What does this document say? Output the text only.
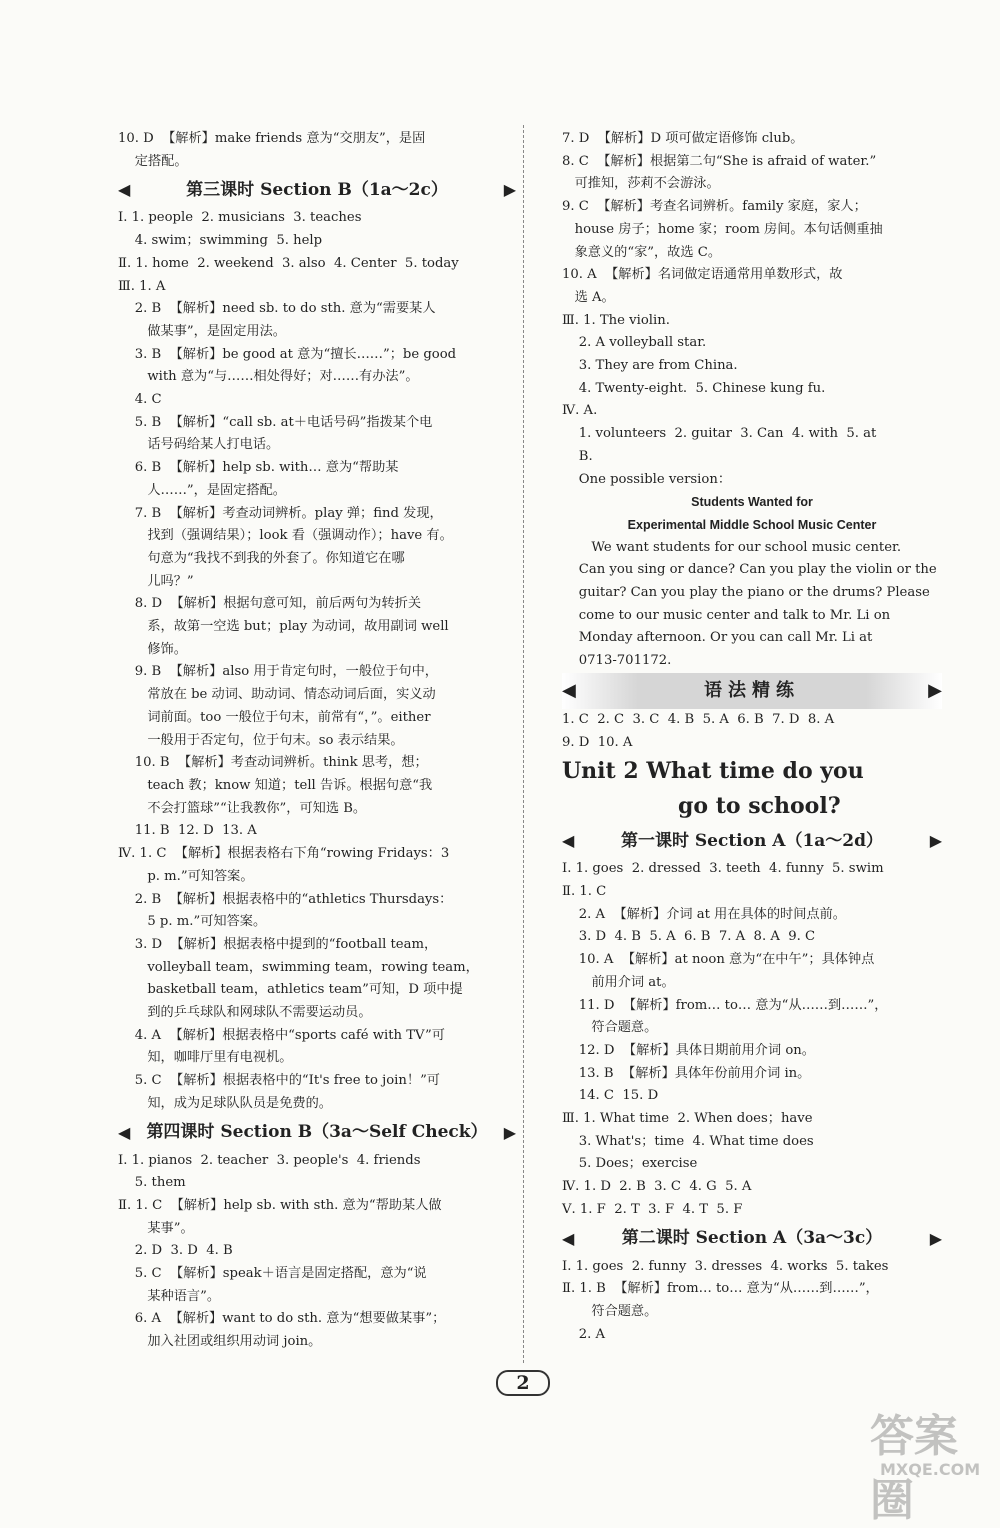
10. D  【解析】make friends 意为“交朋友”，是固
定搭配。
◀	第三课时 Section B（1a～2c）	▶
Ⅰ. 1. people  2. musicians  3. teaches
4. swim；swimming  5. help
Ⅱ. 1. home  2. weekend  3. also  4. Center  5. today
Ⅲ. 1. A
2. B  【解析】need sb. to do sth. 意为“需要某人
做某事”，是固定用法。
3. B  【解析】be good at 意为“擅长……”；be good
with 意为“与……相处得好；对……有办法”。
4. C
5. B  【解析】“call sb. at＋电话号码”指拨某个电
话号码给某人打电话。
6. B  【解析】help sb. with… 意为“帮助某
人……”，是固定搭配。
7. B  【解析】考查动词辨析。play 弹；find 发现，
找到（强调结果）；look 看（强调动作）；have 有。
句意为“我找不到我的外套了。你知道它在哪
儿吗？”
8. D  【解析】根据句意可知，前后两句为转折关
系，故第一空选 but；play 为动词，故用副词 well
修饰。
9. B  【解析】also 用于肯定句时，一般位于句中，
常放在 be 动词、助动词、情态动词后面，实义动
词前面。too 一般位于句末，前常有“，”。either
一般用于否定句，位于句末。so 表示结果。
10. B  【解析】考查动词辨析。think 思考，想；
teach 教；know 知道；tell 告诉。根据句意“我
不会打篮球”“让我教你”，可知选 B。
11. B  12. D  13. A
Ⅳ. 1. C  【解析】根据表格右下角“rowing Fridays：3
p. m.”可知答案。
2. B  【解析】根据表格中的“athletics Thursdays：
5 p. m.”可知答案。
3. D  【解析】根据表格中提到的“football team，
volleyball team，swimming team，rowing team，
basketball team，athletics team”可知，D 项中提
到的乒乓球队和网球队不需要运动员。
4. A  【解析】根据表格中“sports café with TV”可
知，咖啡厅里有电视机。
5. C  【解析】根据表格中的“It's free to join！”可
知，成为足球队队员是免费的。
◀ 第四课时 Section B（3a～Self Check）	▶
Ⅰ. 1. pianos  2. teacher  3. people's  4. friends
5. them
Ⅱ. 1. C  【解析】help sb. with sth. 意为“帮助某人做
某事”。
2. D  3. D  4. B
5. C  【解析】speak＋语言是固定搭配，意为“说
某种语言”。
6. A  【解析】want to do sth. 意为“想要做某事”；
加入社团或组织用动词 join。
7. D  【解析】D 项可做定语修饰 club。
8. C  【解析】根据第二句“She is afraid of water.”
可推知，莎莉不会游泳。
9. C  【解析】考查名词辨析。family 家庭，家人；
house 房子；home 家；room 房间。本句话侧重抽
象意义的“家”，故选 C。
10. A  【解析】名词做定语通常用单数形式，故
选 A。
Ⅲ. 1. The violin.
2. A volleyball star.
3. They are from China.
4. Twenty-eight.  5. Chinese kung fu.
Ⅳ. A.
1. volunteers  2. guitar  3. Can  4. with  5. at
B.
One possible version：
Students Wanted for
Experimental Middle School Music Center
We want students for our school music center.
Can you sing or dance? Can you play the violin or the
guitar? Can you play the piano or the drums? Please
come to our music center and talk to Mr. Li on
Monday afternoon. Or you can call Mr. Li at
0713-701172.
◀	语法精练	▶
1. C  2. C  3. C  4. B  5. A  6. B  7. D  8. A
9. D  10. A
Unit 2 What time do you
go to school?
◀	第一课时 Section A（1a～2d）	▶
Ⅰ. 1. goes  2. dressed  3. teeth  4. funny  5. swim
Ⅱ. 1. C
2. A  【解析】介词 at 用在具体的时间点前。
3. D  4. B  5. A  6. B  7. A  8. A  9. C
10. A  【解析】at noon 意为“在中午”；具体钟点
前用介词 at。
11. D  【解析】from… to… 意为“从……到……”，
符合题意。
12. D  【解析】具体日期前用介词 on。
13. B  【解析】具体年份前用介词 in。
14. C  15. D
Ⅲ. 1. What time  2. When does；have
3. What's；time  4. What time does
5. Does；exercise
Ⅳ. 1. D  2. B  3. C  4. G  5. A
Ⅴ. 1. F  2. T  3. F  4. T  5. F
◀	第二课时 Section A（3a～3c）	▶
Ⅰ. 1. goes  2. funny  3. dresses  4. works  5. takes
Ⅱ. 1. B  【解析】from… to… 意为“从……到……”，
符合题意。
2. A
2
答案圈
MXQE.COM
